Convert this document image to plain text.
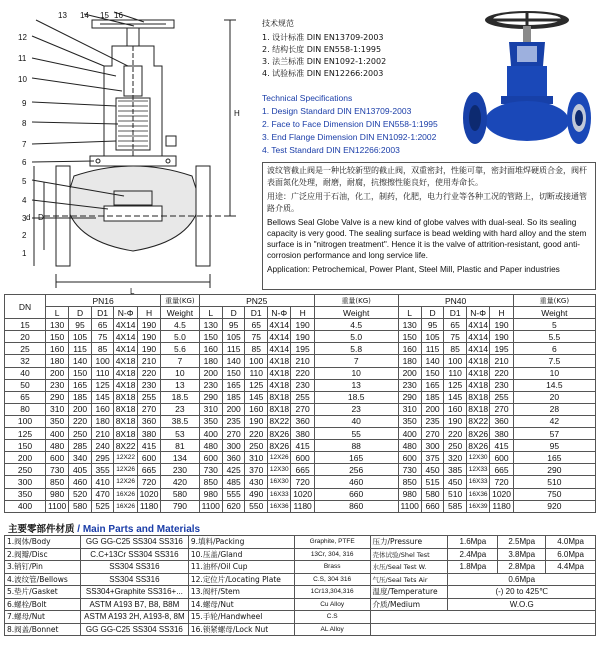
13 14 15 16
12
11
10
9
8
7
6
5
4
3
2
1
d D
L
H
技术规范
1. 设计标准 DIN EN13709-2003
2. 结构长度 DIN EN558-1:1995
3. 法兰标准 DIN EN1092-1:2002
4. 试验标准 DIN EN12266:2003
Technical Specifications
1. Design Standard DIN EN13709-2003
2. Face to Face Dimension DIN EN558-1:1995
3. End Flange Dimension DIN EN1092-1:2002
4. Test Standard DIN EN12266:2003

波纹管截止阀是一种比较新型的截止阀，双重密封，性能可靠，密封面堆焊硬质合金，阀杆表面氮化处理，耐磨，耐腐，抗擦擦性能良好，使用寿命长。

用途：广泛应用于石油，化工，制药，化肥，电力行业等各种工况的管路上，切断或接通管路介质。

Bellows Seal Globe Valve is a new kind of globe valves with dual-seal. So its sealing capacity is very good. The sealing surface is bead welding with hard alloy and the stem surface is in "nitrogen treatment". Hence it is the valve of attrition-resistant, good anti-corrosion performance and long service life.

Application: Petrochemical, Power Plant, Steel Mill, Plastic and Paper industries

DN	PN16					重量(KG)	PN25					重量(KG)	PN40					重量(KG)
	L	D	D1	N-Φ	H	Weight	L	D	D1	N-Φ	H	Weight	L	D	D1	N-Φ	H	Weight
15	130	95	65	4X14	190	4.5	130	95	65	4X14	190	4.5	130	95	65	4X14	190	5
20	150	105	75	4X14	190	5.0	150	105	75	4X14	190	5.0	150	105	75	4X14	190	5.5
25	160	115	85	4X14	190	5.6	160	115	85	4X14	195	5.8	160	115	85	4X14	195	6
32	180	140	100	4X18	210	7	180	140	100	4X18	210	7	180	140	100	4X18	210	7.5
40	200	150	110	4X18	220	10	200	150	110	4X18	220	10	200	150	110	4X18	220	10
50	230	165	125	4X18	230	13	230	165	125	4X18	230	13	230	165	125	4X18	230	14.5
65	290	185	145	8X18	255	18.5	290	185	145	8X18	255	18.5	290	185	145	8X18	255	20
80	310	200	160	8X18	270	23	310	200	160	8X18	270	23	310	200	160	8X18	270	28
100	350	220	180	8X18	360	38.5	350	235	190	8X22	360	40	350	235	190	8X22	360	42
125	400	250	210	8X18	380	53	400	270	220	8X26	380	55	400	270	220	8X26	380	57
150	480	285	240	8X22	415	81	480	300	250	8X26	415	88	480	300	250	8X26	415	95
200	600	340	295	12X22	600	134	600	360	310	12X26	600	165	600	375	320	12X30	600	165
250	730	405	355	12X26	665	230	730	425	370	12X30	665	256	730	450	385	12X33	665	290
300	850	460	410	12X26	720	420	850	485	430	16X30	720	460	850	515	450	16X33	720	510
350	980	520	470	16X26	1020	580	980	555	490	16X33	1020	660	980	580	510	16X36	1020	750
400	1100	580	525	16X26	1180	790	1100	620	550	16X36	1180	860	1100	660	585	16X39	1180	920
主要零部件材质 / Main Parts and Materials
1.阀体/Body	GG GG-C25 SS304 SS316	9.填料/Packing	Graphite, PTFE	压力/Pressure	1.6Mpa	2.5Mpa	4.0Mpa
2.阀瓣/Disc	C.C+13Cr SS304 SS316	10.压盖/Gland	13Cr, 304, 316	壳体试验/Shel Test	2.4Mpa	3.8Mpa	6.0Mpa
3.销钉/Pin	SS304 SS316	11.油杯/Oil Cup	Brass	水压/Seal Test W.	1.8Mpa	2.8Mpa	4.4Mpa
4.波纹管/Bellows	SS304 SS316	12.定位片/Locating Plate	C.S, 304 316	气压/Seal Tets Air	0.6Mpa		
5.垫片/Gasket	SS304+Graphite SS316+...	13.阀杆/Stem	1Cr13,304,316	温度/Temperature	(-) 20 to 425℃		
6.螺栓/Bolt	ASTM A193 B7, B8, B8M	14.螺母/Nut	Cu Alloy	介质/Medium	W.O.G		
7.螺母/Nut	ASTM A193 2H, A193-8, 8M	15.手轮/Handwheel	C.S				
8.阀盖/Bonnet	GG GG-C25 SS304 SS316	16.锁紧螺母/Lock Nut	AL Alloy				
